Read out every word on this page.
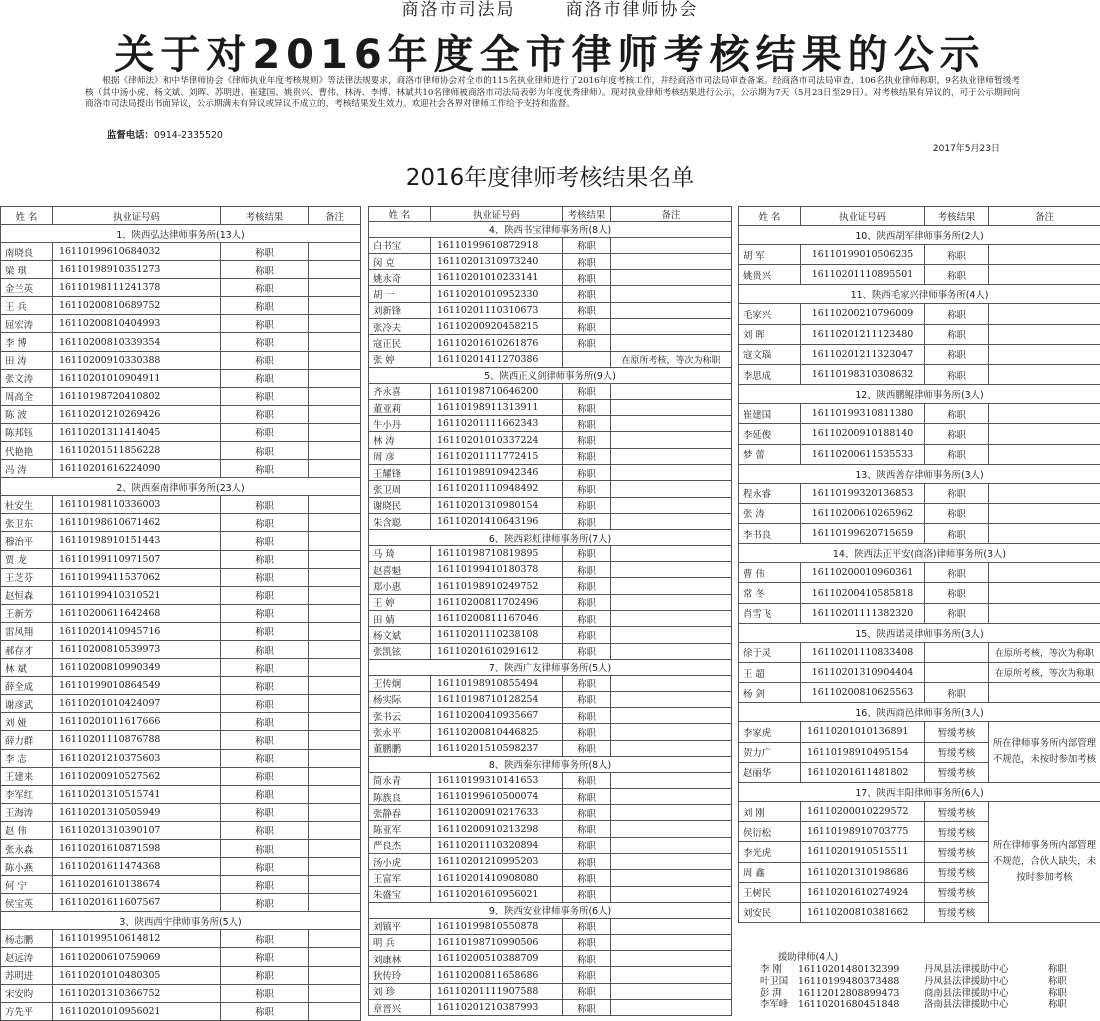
商洛市司法局	商洛市律师协会
关于对2016年度全市律师考核结果的公示
根据《律师法》和中华律师协会《律师执业年度考核规则》等法律法规要求，商洛市律师协会对全市的115名执业律师进行了2016年度考核工作，并经商洛市司法局审查备案。经商洛市司法局审查，106名执业律师称职，9名执业律师暂缓考核（其中汤小虎、杨文斌、刘晖、苏明进、崔建国、姚贵兴、曹伟、林涛、李博、林斌共10名律师被商洛市司法局表彰为年度优秀律师）。现对执业律师考核结果进行公示，公示期为7天（5月23日至29日）。对考核结果有异议的，可于公示期间向商洛市司法局提出书面异议，公示期满未有异议或异议不成立的，考核结果发生效力。欢迎社会各界对律师工作给予支持和监督。
监督电话：0914-2335520
2017年5月23日
2016年度律师考核结果名单
姓 名	执业证号码	考核结果	备注
1、陕西弘达律师事务所(13人)			
南晓良	16110199610684032	称职	
梁 琪	16110198910351273	称职	
金兰英	16110198111241378	称职	
王 兵	16110200810689752	称职	
屈宏涛	16110200810404993	称职	
李 博	16110200810339354	称职	
田 涛	16110200910330388	称职	
张文涛	16110201010904911	称职	
周高全	16110198720410802	称职	
陈 波	16110201210269426	称职	
陈邦钰	16110201311414045	称职	
代艳艳	16110201511856228	称职	
冯 涛	16110201616224090	称职	
2、陕西秦南律师事务所(23人)			
杜安生	16110198110336003	称职	
张卫东	16110198610671462	称职	
穆治平	16110198910151443	称职	
贾 龙	16110199110971507	称职	
王芝芬	16110199411537062	称职	
赵恒森	16110199410310521	称职	
王新芳	16110200611642468	称职	
雷凤翔	16110201410945716	称职	
郝存才	16110200810539973	称职	
林 斌	16110200810990349	称职	
薛全成	16110199010864549	称职	
谢彦武	16110201010424097	称职	
刘 娅	16110201011617666	称职	
薛力群	16110201110876788	称职	
李 志	16110201210375603	称职	
王建来	16110200910527562	称职	
李军红	16110201310515741	称职	
王海涛	16110201310505949	称职	
赵 伟	16110201310390107	称职	
张永森	16110201610871598	称职	
陈小燕	16110201611474368	称职	
何 宁	16110201610138674	称职	
侯宝英	16110201611607567	称职	
3、陕西西宇律师事务所(5人)			
杨志鹏	16110199510614812	称职	
赵远涛	16110200610759069	称职	
苏明进	16110201010480305	称职	
宋安昀	16110201310366752	称职	
方先平	16110201010956021	称职	
姓 名	执业证号码	考核结果	备注
4、陕西书宝律师事务所(8人)			
白书宝	16110199610872918	称职	
闵 克	16110201310973240	称职	
姚永奇	16110201010233141	称职	
胡 一	16110201010952330	称职	
刘新锋	16110201110310673	称职	
张冷夫	16110200920458215	称职	
寇正民	16110201610261876	称职	
张 婷	16110201411270386		在原所考核，等次为称职
5、陕西正义剑律师事务所(9人)			
齐永喜	16110198710646200	称职	
董亚莉	16110198911313911	称职	
牛小丹	16110201111662343	称职	
林 涛	16110201010337224	称职	
周 彦	16110201111772415	称职	
王耀锋	16110198910942346	称职	
张卫周	16110201110948492	称职	
谢晓民	16110201310980154	称职	
朱含聪	16110201410643196	称职	
6、陕西彩虹律师事务所(7人)			
马 琦	16110198710819895	称职	
赵喜魁	16110199410180378	称职	
郑小惠	16110198910249752	称职	
王 婷	16110200811702496	称职	
田 婧	16110200811167046	称职	
杨文斌	16110201110238108	称职	
张凯铉	16110201610291612	称职	
7、陕西广友律师事务所(5人)			
王传炯	16110198910855494	称职	
杨实际	16110198710128254	称职	
张书云	16110200410935667	称职	
张永平	16110200810446825	称职	
董鹏鹏	16110201510598237	称职	
8、陕西秦东律师事务所(8人)			
简永青	16110199310141653	称职	
陈族良	16110199610500074	称职	
张静春	16110200910217633	称职	
陈亚军	16110200910213298	称职	
严良杰	16110201110320894	称职	
汤小虎	16110201210995203	称职	
王富军	16110201410908080	称职	
朱盛宝	16110201610956021	称职	
9、陕西安业律师事务所(6人)			
刘镇平	16110199810550878	称职	
明 兵	16110198710990506	称职	
刘康林	16110200510388709	称职	
狄传玲	16110200811658686	称职	
刘 珍	16110201111907588	称职	
章晋兴	16110201210387993	称职	
姓 名	执业证号码	考核结果	备注
10、陕西胡军律师事务所(2人)			
胡 军	16110199010506235	称职	
姚贵兴	16110201110895501	称职	
11、陕西毛家兴律师事务所(4人)			
毛家兴	16110200210796009	称职	
刘 晖	16110201211123480	称职	
寇文瑙	16110201211323047	称职	
李思成	16110198310308632	称职	
12、陕西鹏鲲律师事务所(3人)			
崔建国	16110199310811380	称职	
李延俊	16110200910188140	称职	
梦 蕾	16110200611535533	称职	
13、陕西善存律师事务所(3人)			
程永睿	16110199320136853	称职	
张 涛	16110200610265962	称职	
李书良	16110199620715659	称职	
14、陕西法正平安(商洛)律师事务所(3人)			
曹 伟	16110200010960361	称职	
常 冬	16110200410585818	称职	
肖雪飞	16110201111382320	称职	
15、陕西诺灵律师事务所(3人)			
徐于灵	16110201110833408		在原所考核，等次为称职
王 超	16110201310904404		在原所考核，等次为称职
杨 剑	16110200810625563	称职	
16、陕西商邑律师事务所(3人)			
李家虎	16110201010136891	暂缓考核	所在律师事务所内部管理不规范，未按时参加考核
贺力广	16110198910495154	暂缓考核	
赵丽华	16110201611481802	暂缓考核	
17、陕西丰阳律师事务所(6人)			
刘 刚	16110200010229572	暂缓考核	所在律师事务所内部管理不规范，合伙人缺失，未按时参加考核
侯衍松	16110198910703775	暂缓考核	
李光虎	16110201910515511	暂缓考核	
周 鑫	16110201310198686	暂缓考核	
王树民	16110201610274924	暂缓考核	
刘安民	16110200810381662	暂缓考核	
援助律师(4人)
李 刚	16110201480132399	丹凤县法律援助中心	称职
叶卫国	16110199480373488	丹凤县法律援助中心	称职
彭 湃	16112012808899473	商南县法律援助中心	称职
李军峰	16110201680451848	洛南县法律援助中心	称职
